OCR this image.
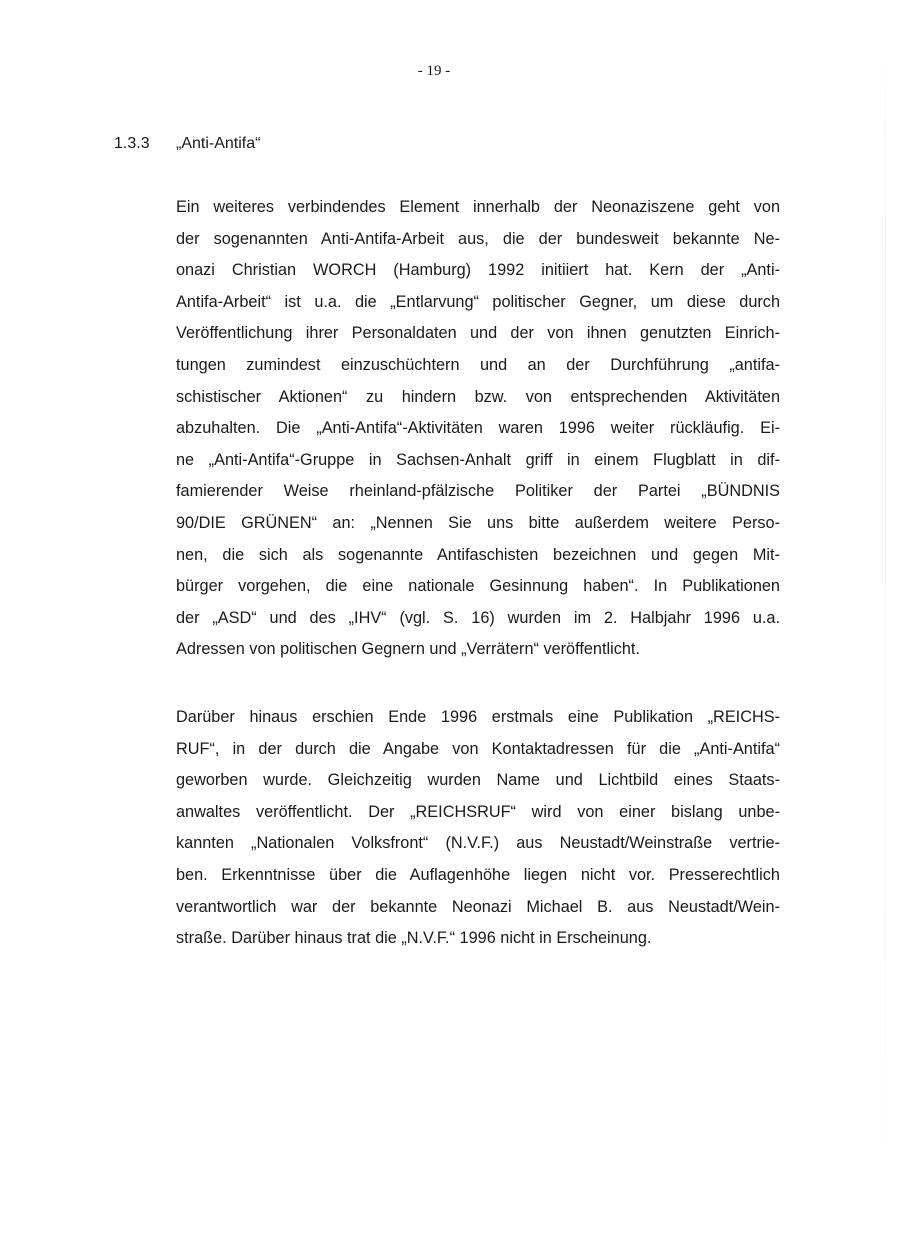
- 19 -
1.3.3	„Anti-Antifa“
Ein weiteres verbindendes Element innerhalb der Neonaziszene geht von
der sogenannten Anti-Antifa-Arbeit aus, die der bundesweit bekannte Ne-
onazi Christian WORCH (Hamburg) 1992 initiiert hat. Kern der „Anti-
Antifa-Arbeit“ ist u.a. die „Entlarvung“ politischer Gegner, um diese durch
Veröffentlichung ihrer Personaldaten und der von ihnen genutzten Einrich-
tungen zumindest einzuschüchtern und an der Durchführung „antifa-
schistischer Aktionen“ zu hindern bzw. von entsprechenden Aktivitäten
abzuhalten. Die „Anti-Antifa“-Aktivitäten waren 1996 weiter rückläufig. Ei-
ne „Anti-Antifa“-Gruppe in Sachsen-Anhalt griff in einem Flugblatt in dif-
famierender Weise rheinland-pfälzische Politiker der Partei „BÜNDNIS
90/DIE GRÜNEN“ an: „Nennen Sie uns bitte außerdem weitere Perso-
nen, die sich als sogenannte Antifaschisten bezeichnen und gegen Mit-
bürger vorgehen, die eine nationale Gesinnung haben“. In Publikationen
der „ASD“ und des „IHV“ (vgl. S. 16) wurden im 2. Halbjahr 1996 u.a.
Adressen von politischen Gegnern und „Verrätern“ veröffentlicht.
Darüber hinaus erschien Ende 1996 erstmals eine Publikation „REICHS-
RUF“, in der durch die Angabe von Kontaktadressen für die „Anti-Antifa“
geworben wurde. Gleichzeitig wurden Name und Lichtbild eines Staats-
anwaltes veröffentlicht. Der „REICHSRUF“ wird von einer bislang unbe-
kannten „Nationalen Volksfront“ (N.V.F.) aus Neustadt/Weinstraße vertrie-
ben. Erkenntnisse über die Auflagenhöhe liegen nicht vor. Presserechtlich
verantwortlich war der bekannte Neonazi Michael B. aus Neustadt/Wein-
straße. Darüber hinaus trat die „N.V.F.“ 1996 nicht in Erscheinung.
